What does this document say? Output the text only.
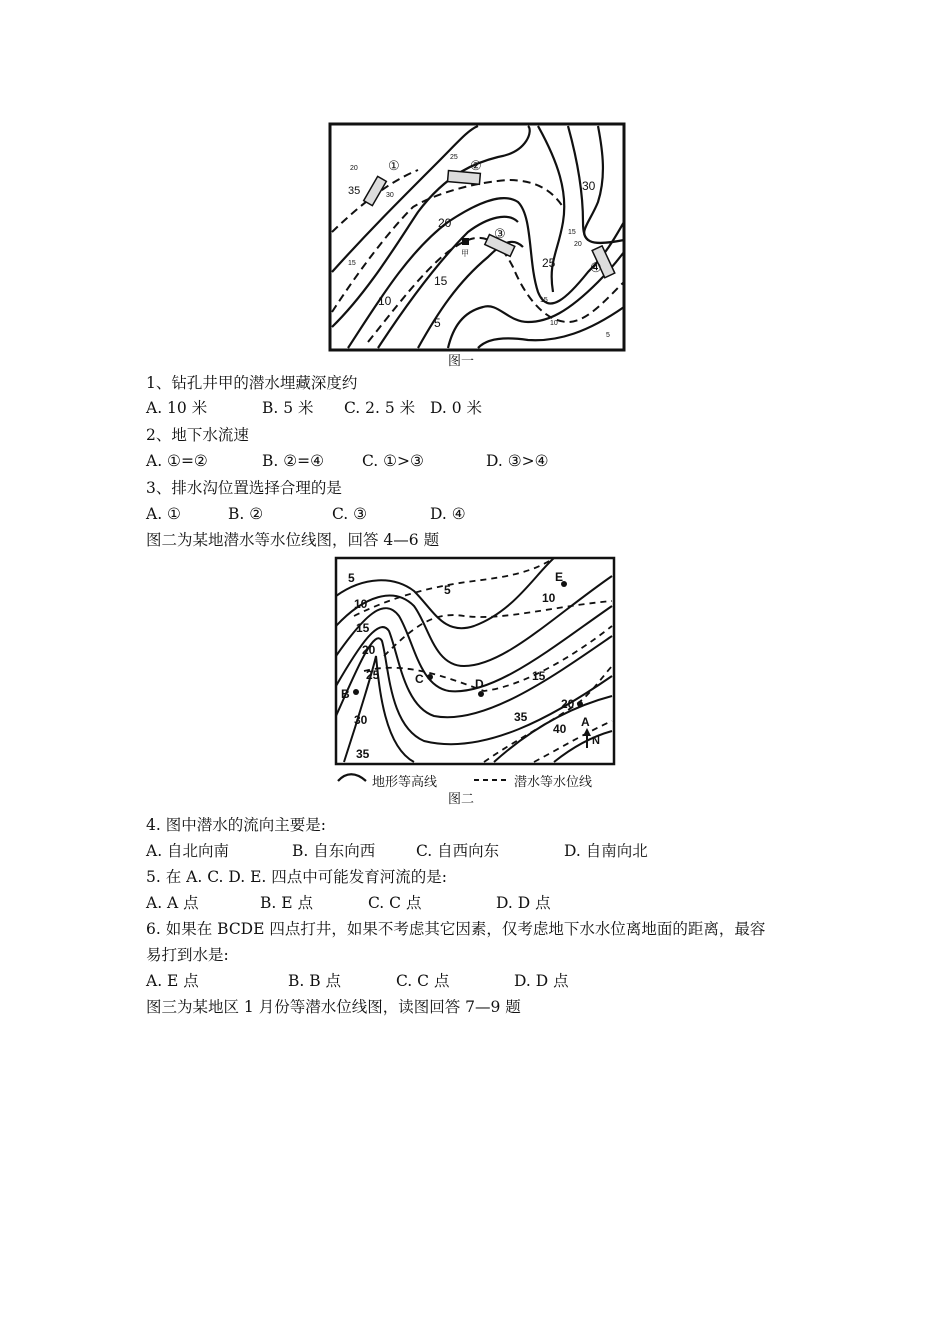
甲
20
35	30
25
30
20
15
15
10	15
25
5	10
20
15
5
①	②
③
④
图一
1、钻孔井甲的潜水埋藏深度约
A. 10 米	B. 5 米 C. 2. 5 米 D. 0 米
2、地下水流速
A. ①=②	B. ②=④ C. ①>③	D. ③>④
3、排水沟位置选择合理的是
A. ①	B. ②	C. ③	D. ④
图二为某地潜水等水位线图，回答 4—6 题
A
B
C	D
E
5
10
15
20
25
30
35
5
10
15
20
35
40
N
地形等高线	潜水等水位线
图二
4. 图中潜水的流向主要是:
A. 自北向南	B. 自东向西	C. 自西向东	D. 自南向北
5. 在 A. C. D. E. 四点中可能发育河流的是:
A. A 点	B. E 点	C. C 点	D. D 点
6. 如果在 BCDE 四点打井，如果不考虑其它因素，仅考虑地下水水位离地面的距离，最容
易打到水是:
A. E 点	B. B 点	C. C 点	D. D 点
图三为某地区 1 月份等潜水位线图，读图回答 7—9 题
